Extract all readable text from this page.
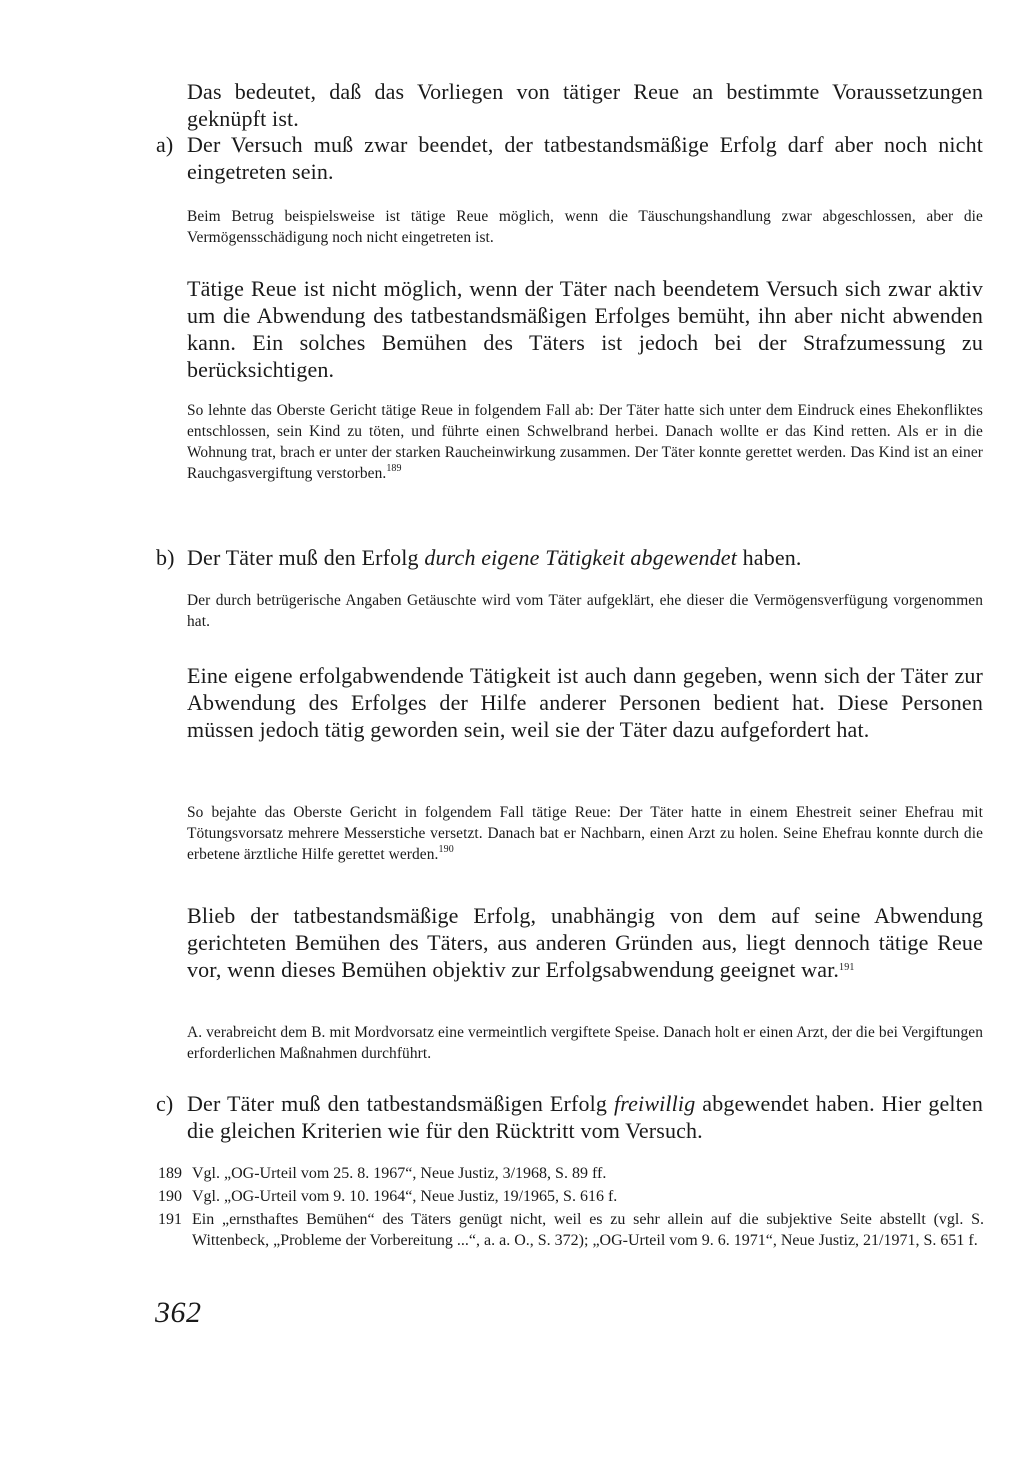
Das bedeutet, daß das Vorliegen von tätiger Reue an bestimmte Voraussetzungen geknüpft ist.

a) Der Versuch muß zwar beendet, der tatbestandsmäßige Erfolg darf aber noch nicht eingetreten sein.

Beim Betrug beispielsweise ist tätige Reue möglich, wenn die Täuschungshandlung zwar abgeschlossen, aber die Vermögensschädigung noch nicht eingetreten ist.

Tätige Reue ist nicht möglich, wenn der Täter nach beendetem Versuch sich zwar aktiv um die Abwendung des tatbestandsmäßigen Erfolges bemüht, ihn aber nicht abwenden kann. Ein solches Bemühen des Täters ist jedoch bei der Strafzumessung zu berücksichtigen.

So lehnte das Oberste Gericht tätige Reue in folgendem Fall ab: Der Täter hatte sich unter dem Eindruck eines Ehekonfliktes entschlossen, sein Kind zu töten, und führte einen Schwelbrand herbei. Danach wollte er das Kind retten. Als er in die Wohnung trat, brach er unter der starken Raucheinwirkung zusammen. Der Täter konnte gerettet werden. Das Kind ist an einer Rauchgasvergiftung verstorben.$^{189}$

b) Der Täter muß den Erfolg durch eigene Tätigkeit abgewendet haben.

Der durch betrügerische Angaben Getäuschte wird vom Täter aufgeklärt, ehe dieser die Vermögensverfügung vorgenommen hat.

Eine eigene erfolgabwendende Tätigkeit ist auch dann gegeben, wenn sich der Täter zur Abwendung des Erfolges der Hilfe anderer Personen bedient hat. Diese Personen müssen jedoch tätig geworden sein, weil sie der Täter dazu aufgefordert hat.

So bejahte das Oberste Gericht in folgendem Fall tätige Reue: Der Täter hatte in einem Ehestreit seiner Ehefrau mit Tötungsvorsatz mehrere Messerstiche versetzt. Danach bat er Nachbarn, einen Arzt zu holen. Seine Ehefrau konnte durch die erbetene ärztliche Hilfe gerettet werden.$^{190}$

Blieb der tatbestandsmäßige Erfolg, unabhängig von dem auf seine Abwendung gerichteten Bemühen des Täters, aus anderen Gründen aus, liegt dennoch tätige Reue vor, wenn dieses Bemühen objektiv zur Erfolgsabwendung geeignet war.$^{191}$

A. verabreicht dem B. mit Mordvorsatz eine vermeintlich vergiftete Speise. Danach holt er einen Arzt, der die bei Vergiftungen erforderlichen Maßnahmen durchführt.

c) Der Täter muß den tatbestandsmäßigen Erfolg freiwillig abgewendet haben. Hier gelten die gleichen Kriterien wie für den Rücktritt vom Versuch.
189 Vgl. „OG-Urteil vom 25. 8. 1967“, Neue Justiz, 3/1968, S. 89 ff.
190 Vgl. „OG-Urteil vom 9. 10. 1964“, Neue Justiz, 19/1965, S. 616 f.
191 Ein „ernsthaftes Bemühen“ des Täters genügt nicht, weil es zu sehr allein auf die subjektive Seite abstellt (vgl. S. Wittenbeck, „Probleme der Vorbereitung ...“, a. a. O., S. 372); „OG-Urteil vom 9. 6. 1971“, Neue Justiz, 21/1971, S. 651 f.
362
